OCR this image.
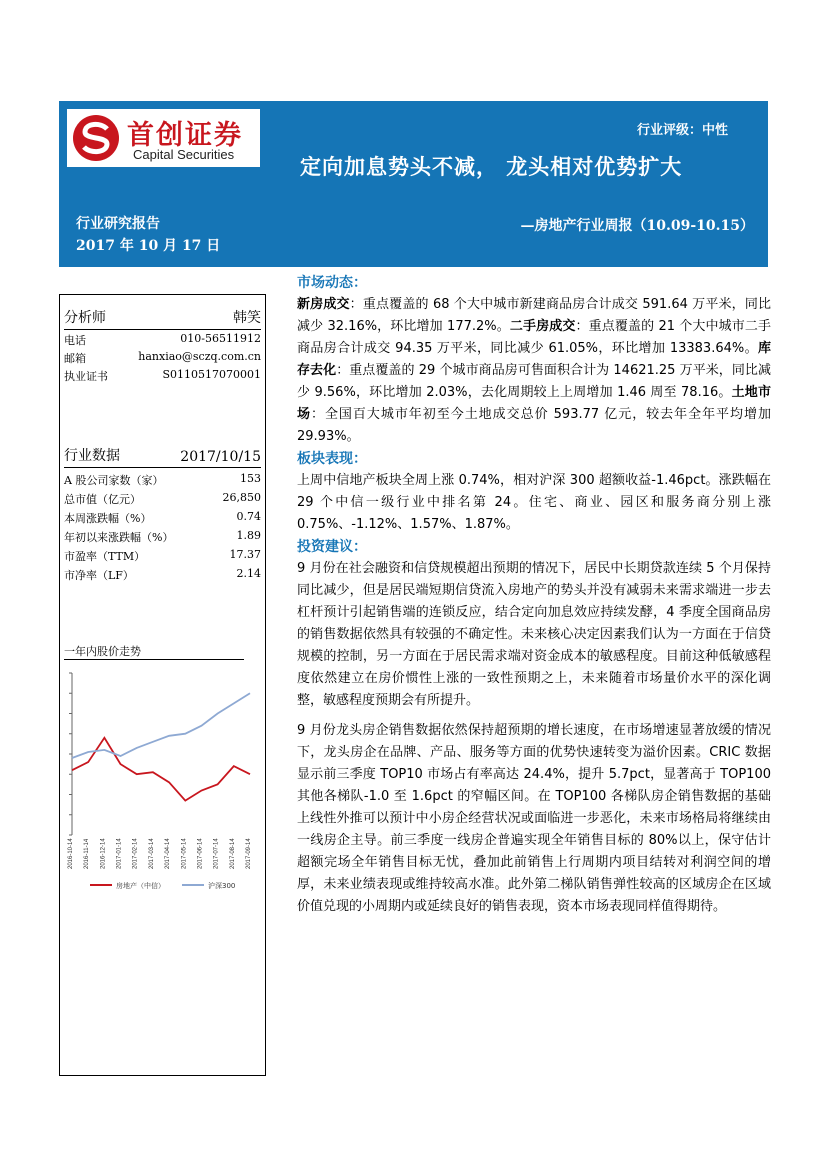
首创证券
Capital Securities
行业评级：中性
定向加息势头不减， 龙头相对优势扩大
行业研究报告
2017 年 10 月 17 日
—房地产行业周报（10.09-10.15）
分析师	韩笑
电话	010-56511912
邮箱	hanxiao@sczq.com.cn
执业证书	S0110517070001
行业数据	2017/10/15
A 股公司家数（家）	153
总市值（亿元）	26,850
本周涨跌幅（%）	0.74
年初以来涨跌幅（%）	1.89
市盈率（TTM）	17.37
市净率（LF）	2.14
一年内股价走势
2016-10-14 2016-11-14 2016-12-14 2017-01-14 2017-02-14 2017-03-14 2017-04-14 2017-05-14 2017-06-14 2017-07-14 2017-08-14 2017-09-14
房地产（中信）	沪深300
市场动态：
新房成交：重点覆盖的 68 个大中城市新建商品房合计成交 591.64 万平米，同比减少 32.16%，环比增加 177.2%。二手房成交：重点覆盖的 21 个大中城市二手商品房合计成交 94.35 万平米，同比减少 61.05%，环比增加 13383.64%。库存去化：重点覆盖的 29 个城市商品房可售面积合计为 14621.25 万平米，同比减少 9.56%，环比增加 2.03%，去化周期较上上周增加 1.46 周至 78.16。土地市场：全国百大城市年初至今土地成交总价 593.77 亿元，较去年全年平均增加 29.93%。
板块表现：
上周中信地产板块全周上涨 0.74%，相对沪深 300 超额收益-1.46pct。涨跌幅在 29 个中信一级行业中排名第 24。住宅、商业、园区和服务商分别上涨 0.75%、-1.12%、1.57%、1.87%。
投资建议：
9 月份在社会融资和信贷规模超出预期的情况下，居民中长期贷款连续 5 个月保持同比减少，但是居民端短期信贷流入房地产的势头并没有减弱未来需求端进一步去杠杆预计引起销售端的连锁反应，结合定向加息效应持续发酵，4 季度全国商品房的销售数据依然具有较强的不确定性。未来核心决定因素我们认为一方面在于信贷规模的控制，另一方面在于居民需求端对资金成本的敏感程度。目前这种低敏感程度依然建立在房价惯性上涨的一致性预期之上，未来随着市场量价水平的深化调整，敏感程度预期会有所提升。
9 月份龙头房企销售数据依然保持超预期的增长速度，在市场增速显著放缓的情况下，龙头房企在品牌、产品、服务等方面的优势快速转变为溢价因素。CRIC 数据显示前三季度 TOP10 市场占有率高达 24.4%，提升 5.7pct，显著高于 TOP100 其他各梯队-1.0 至 1.6pct 的窄幅区间。在 TOP100 各梯队房企销售数据的基础上线性外推可以预计中小房企经营状况或面临进一步恶化，未来市场格局将继续由一线房企主导。前三季度一线房企普遍实现全年销售目标的 80%以上，保守估计超额完场全年销售目标无忧，叠加此前销售上行周期内项目结转对利润空间的增厚，未来业绩表现或维持较高水准。此外第二梯队销售弹性较高的区域房企在区域价值兑现的小周期内或延续良好的销售表现，资本市场表现同样值得期待。
